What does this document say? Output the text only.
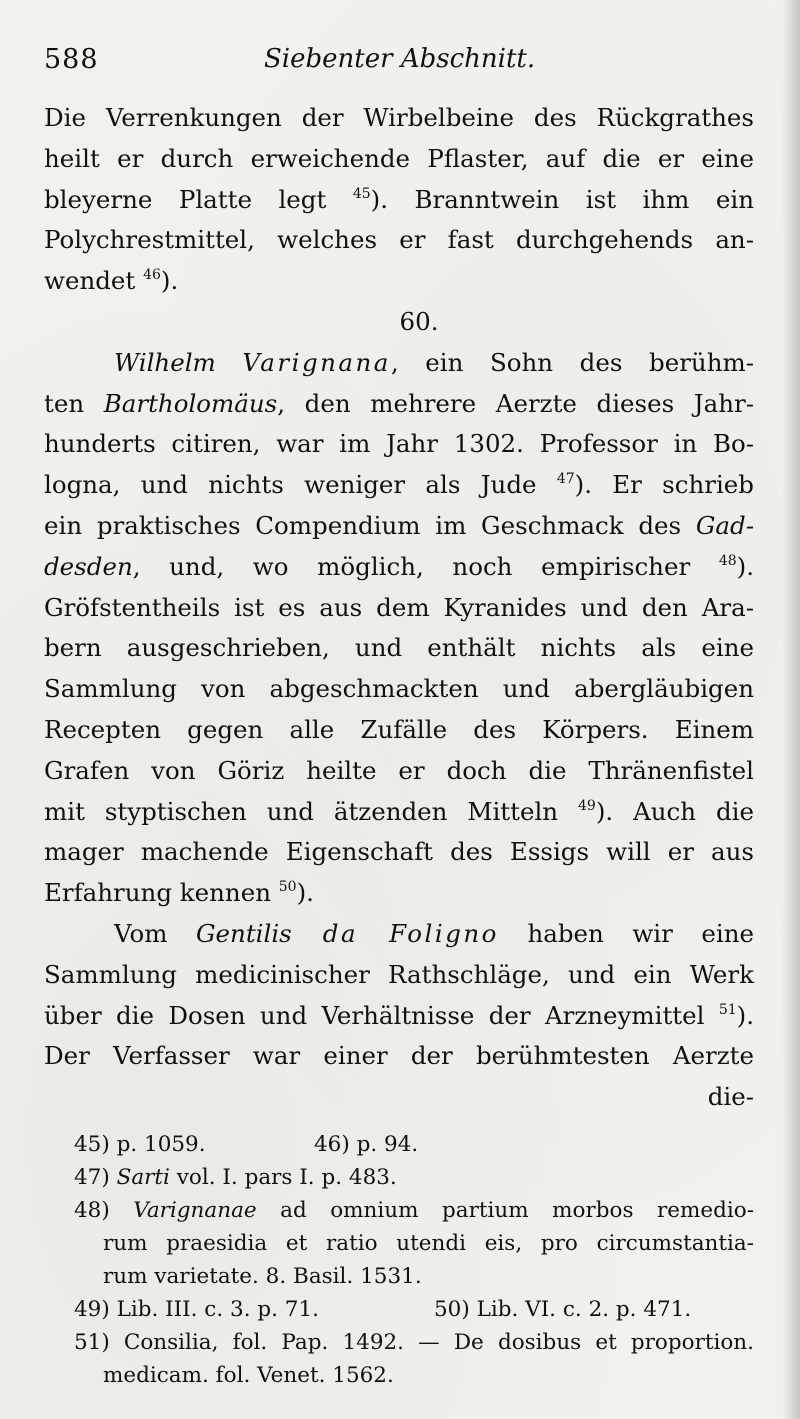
588	Siebenter Abschnitt.
Die Verrenkungen der Wirbelbeine des Rückgrathes
heilt er durch erweichende Pflaster, auf die er eine
bleyerne Platte legt $^{45}$). Branntwein ist ihm ein
Polychrestmittel, welches er fast durchgehends an-
wendet $^{46}$).
60.
Wilhelm Varignana, ein Sohn des berühm-
ten Bartholomäus, den mehrere Aerzte dieses Jahr-
hunderts citiren, war im Jahr 1302. Professor in Bo-
logna, und nichts weniger als Jude $^{47}$). Er schrieb
ein praktisches Compendium im Geschmack des Gad-
desden, und, wo möglich, noch empirischer $^{48}$).
Gröfstentheils ist es aus dem Kyranides und den Ara-
bern ausgeschrieben, und enthält nichts als eine
Sammlung von abgeschmackten und abergläubigen
Recepten gegen alle Zufälle des Körpers. Einem
Grafen von Göriz heilte er doch die Thränenfistel
mit styptischen und ätzenden Mitteln $^{49}$). Auch die
mager machende Eigenschaft des Essigs will er aus
Erfahrung kennen $^{50}$).
Vom Gentilis da Foligno haben wir eine
Sammlung medicinischer Rathschläge, und ein Werk
über die Dosen und Verhältnisse der Arzneymittel $^{51}$).
Der Verfasser war einer der berühmtesten Aerzte
die-
45) p. 1059.	46) p. 94.
47) Sarti vol. I. pars I. p. 483.
48) Varignanae ad omnium partium morbos remedio-
rum praesidia et ratio utendi eis, pro circumstantia-
rum varietate. 8. Basil. 1531.
49) Lib. III. c. 3. p. 71.	50) Lib. VI. c. 2. p. 471.
51) Consilia, fol. Pap. 1492. — De dosibus et proportion.
medicam. fol. Venet. 1562.
